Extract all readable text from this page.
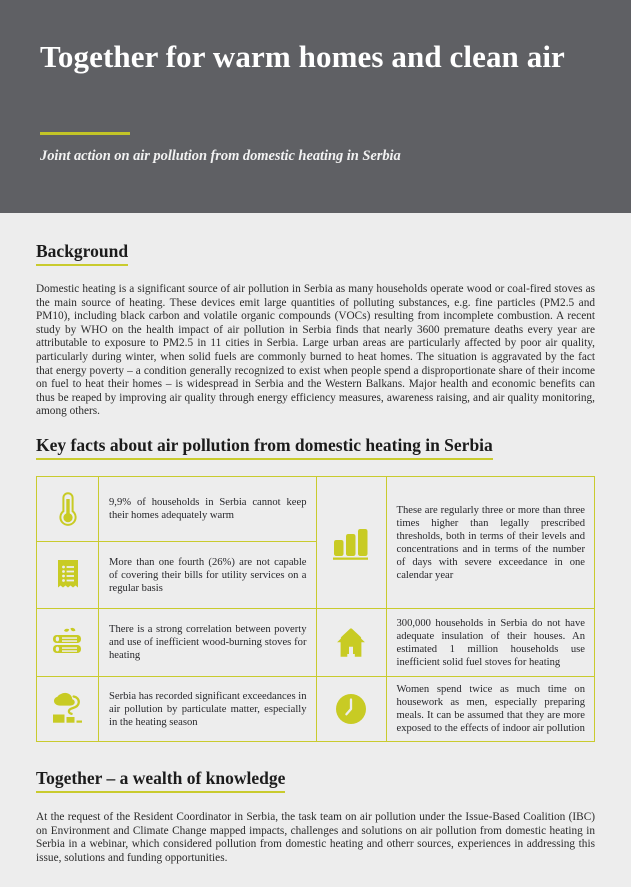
Together for warm homes and clean air
Joint action on air pollution from domestic heating in Serbia
Background
Domestic heating is a significant source of air pollution in Serbia as many households operate wood or coal-fired stoves as the main source of heating. These devices emit large quantities of polluting substances, e.g. fine particles (PM2.5 and PM10), including black carbon and volatile organic compounds (VOCs) resulting from incomplete combustion. A recent study by WHO on the health impact of air pollution in Serbia finds that nearly 3600 premature deaths every year are attributable to exposure to PM2.5 in 11 cities in Serbia. Large urban areas are particularly affected by poor air quality, particularly during winter, when solid fuels are commonly burned to heat homes. The situation is aggravated by the fact that energy poverty – a condition generally recognized to exist when people spend a disproportionate share of their income on fuel to heat their homes – is widespread in Serbia and the Western Balkans. Major health and economic benefits can thus be reaped by improving air quality through energy efficiency measures, awareness raising, and air quality monitoring, among others.
Key facts about air pollution from domestic heating in Serbia
9,9% of households in Serbia cannot keep their homes adequately warm
More than one fourth (26%) are not capable of covering their bills for utility services on a regular basis
There is a strong correlation between poverty and use of inefficient wood-burning stoves for heating
Serbia has recorded significant exceedances in air pollution by particulate matter, especially in the heating season
These are regularly three or more than three times higher than legally prescribed thresholds, both in terms of their levels and concentrations and in terms of the number of days with severe exceedance in one calendar year
300,000 households in Serbia do not have adequate insulation of their houses. An estimated 1 million households use inefficient solid fuel stoves for heating
Women spend twice as much time on housework as men, especially preparing meals. It can be assumed that they are more exposed to the effects of indoor air pollution
Together – a wealth of knowledge
At the request of the Resident Coordinator in Serbia, the task team on air pollution under the Issue-Based Coalition (IBC) on Environment and Climate Change mapped impacts, challenges and solutions on air pollution from domestic heating in Serbia in a webinar, which considered pollution from domestic heating and otherr sources, experiences in addressing this issue, solutions and funding opportunities.
